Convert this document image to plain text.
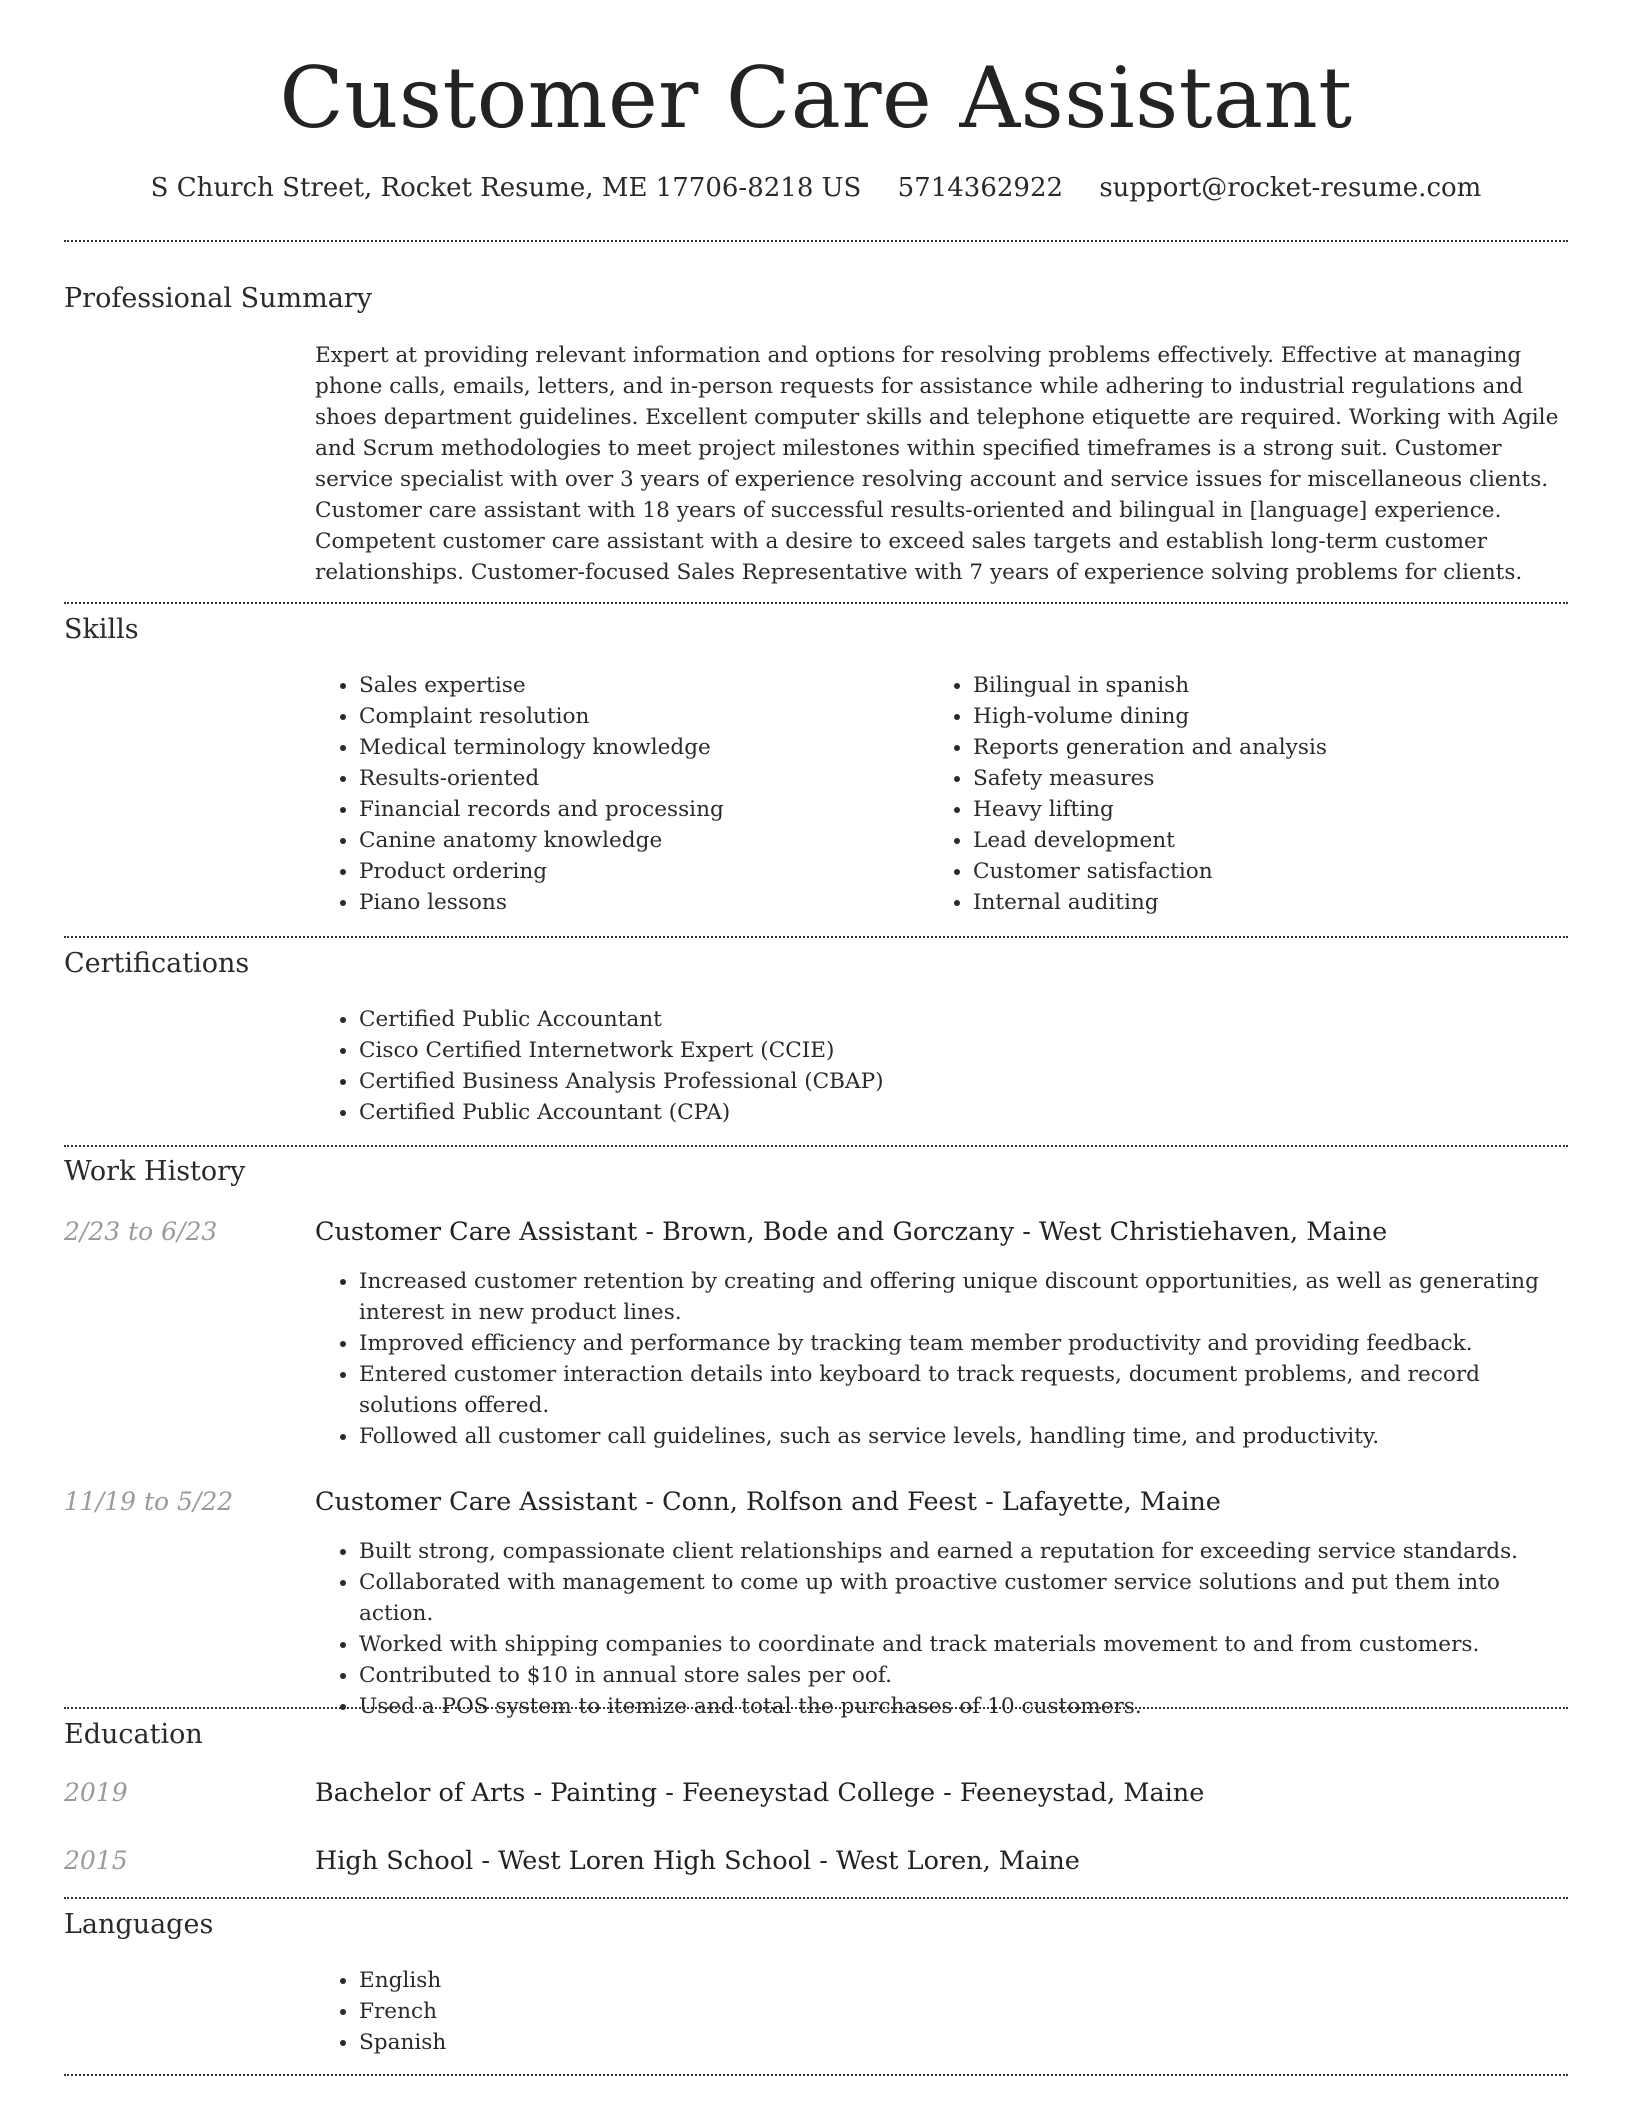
Customer Care Assistant
S Church Street, Rocket Resume, ME 17706-8218 US 5714362922 support@rocket-resume.com
Professional Summary

Expert at providing relevant information and options for resolving problems effectively. Effective at managing phone calls, emails, letters, and in-person requests for assistance while adhering to industrial regulations and shoes department guidelines. Excellent computer skills and telephone etiquette are required. Working with Agile and Scrum methodologies to meet project milestones within specified timeframes is a strong suit. Customer service specialist with over 3 years of experience resolving account and service issues for miscellaneous clients. Customer care assistant with 18 years of successful results-oriented and bilingual in [language] experience. Competent customer care assistant with a desire to exceed sales targets and establish long-term customer relationships. Customer-focused Sales Representative with 7 years of experience solving problems for clients.

Skills
• Sales expertise
• Complaint resolution
• Medical terminology knowledge
• Results-oriented
• Financial records and processing
• Canine anatomy knowledge
• Product ordering
• Piano lessons
• Bilingual in spanish
• High-volume dining
• Reports generation and analysis
• Safety measures
• Heavy lifting
• Lead development
• Customer satisfaction
• Internal auditing
Certifications
• Certified Public Accountant
• Cisco Certified Internetwork Expert (CCIE)
• Certified Business Analysis Professional (CBAP)
• Certified Public Accountant (CPA)
Work History
2/23 to 6/23	Customer Care Assistant - Brown, Bode and Gorczany - West Christiehaven, Maine
• Increased customer retention by creating and offering unique discount opportunities, as well as generating interest in new product lines.
• Improved efficiency and performance by tracking team member productivity and providing feedback.
• Entered customer interaction details into keyboard to track requests, document problems, and record solutions offered.
• Followed all customer call guidelines, such as service levels, handling time, and productivity.
11/19 to 5/22	Customer Care Assistant - Conn, Rolfson and Feest - Lafayette, Maine
• Built strong, compassionate client relationships and earned a reputation for exceeding service standards.
• Collaborated with management to come up with proactive customer service solutions and put them into action.
• Worked with shipping companies to coordinate and track materials movement to and from customers.
• Contributed to $10 in annual store sales per oof.
• Used a POS system to itemize and total the purchases of 10 customers.
Education
2019	Bachelor of Arts - Painting - Feeneystad College - Feeneystad, Maine
2015	High School - West Loren High School - West Loren, Maine
Languages
• English
• French
• Spanish
